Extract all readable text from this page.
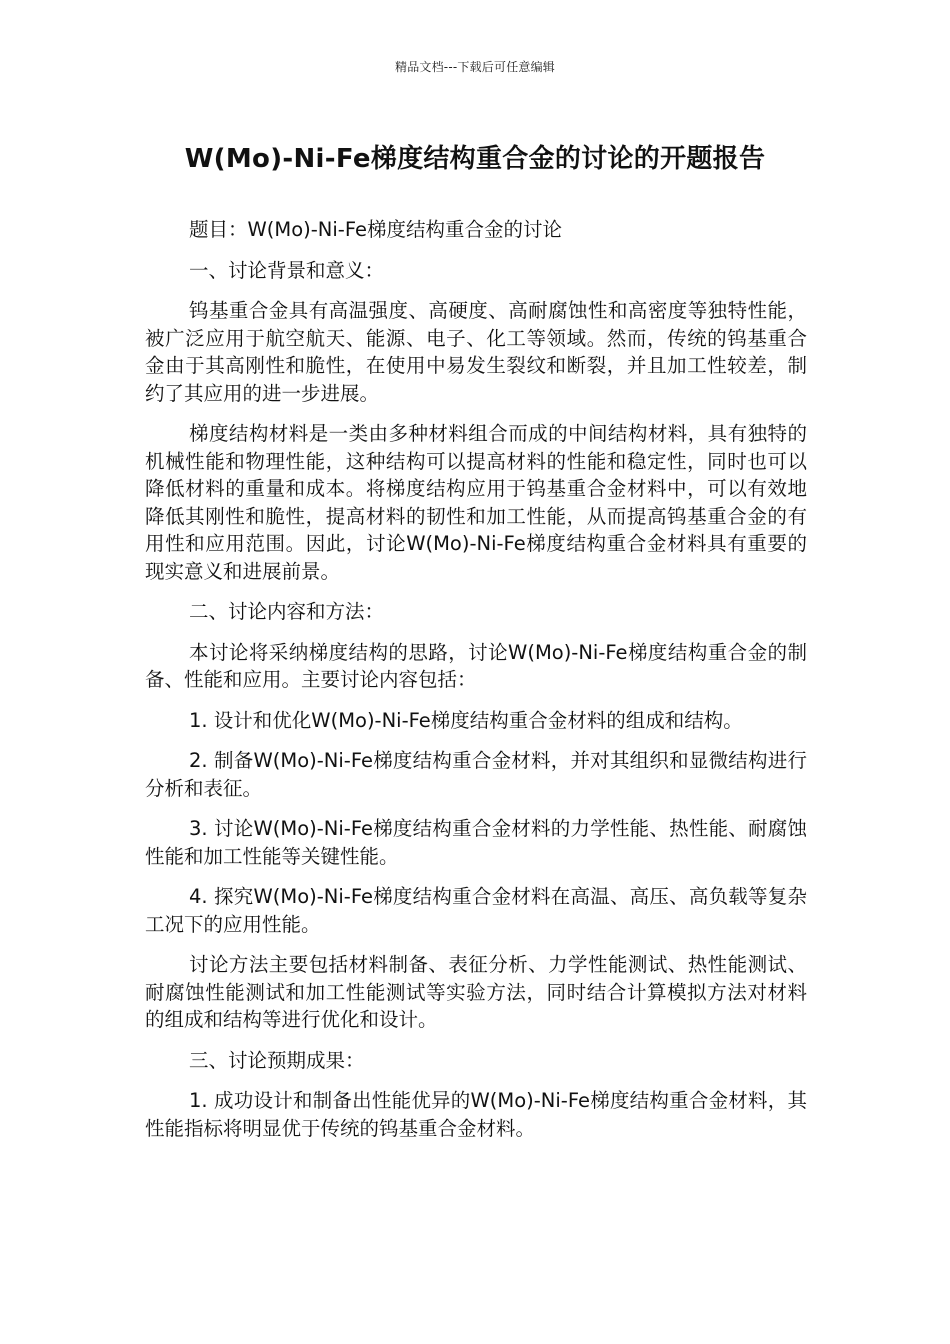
精品文档---下载后可任意编辑
W(Mo)-Ni-Fe梯度结构重合金的讨论的开题报告

题目：W(Mo)-Ni-Fe梯度结构重合金的讨论

一、讨论背景和意义：

钨基重合金具有高温强度、高硬度、高耐腐蚀性和高密度等独特性能，被广泛应用于航空航天、能源、电子、化工等领域。然而，传统的钨基重合金由于其高刚性和脆性，在使用中易发生裂纹和断裂，并且加工性较差，制约了其应用的进一步进展。

梯度结构材料是一类由多种材料组合而成的中间结构材料，具有独特的机械性能和物理性能，这种结构可以提高材料的性能和稳定性，同时也可以降低材料的重量和成本。将梯度结构应用于钨基重合金材料中，可以有效地降低其刚性和脆性，提高材料的韧性和加工性能，从而提高钨基重合金的有用性和应用范围。因此，讨论W(Mo)-Ni-Fe梯度结构重合金材料具有重要的现实意义和进展前景。

二、讨论内容和方法：

本讨论将采纳梯度结构的思路，讨论W(Mo)-Ni-Fe梯度结构重合金的制备、性能和应用。主要讨论内容包括：

1. 设计和优化W(Mo)-Ni-Fe梯度结构重合金材料的组成和结构。

2. 制备W(Mo)-Ni-Fe梯度结构重合金材料，并对其组织和显微结构进行分析和表征。

3. 讨论W(Mo)-Ni-Fe梯度结构重合金材料的力学性能、热性能、耐腐蚀性能和加工性能等关键性能。

4. 探究W(Mo)-Ni-Fe梯度结构重合金材料在高温、高压、高负载等复杂工况下的应用性能。

讨论方法主要包括材料制备、表征分析、力学性能测试、热性能测试、耐腐蚀性能测试和加工性能测试等实验方法，同时结合计算模拟方法对材料的组成和结构等进行优化和设计。

三、讨论预期成果：

1. 成功设计和制备出性能优异的W(Mo)-Ni-Fe梯度结构重合金材料，其性能指标将明显优于传统的钨基重合金材料。
